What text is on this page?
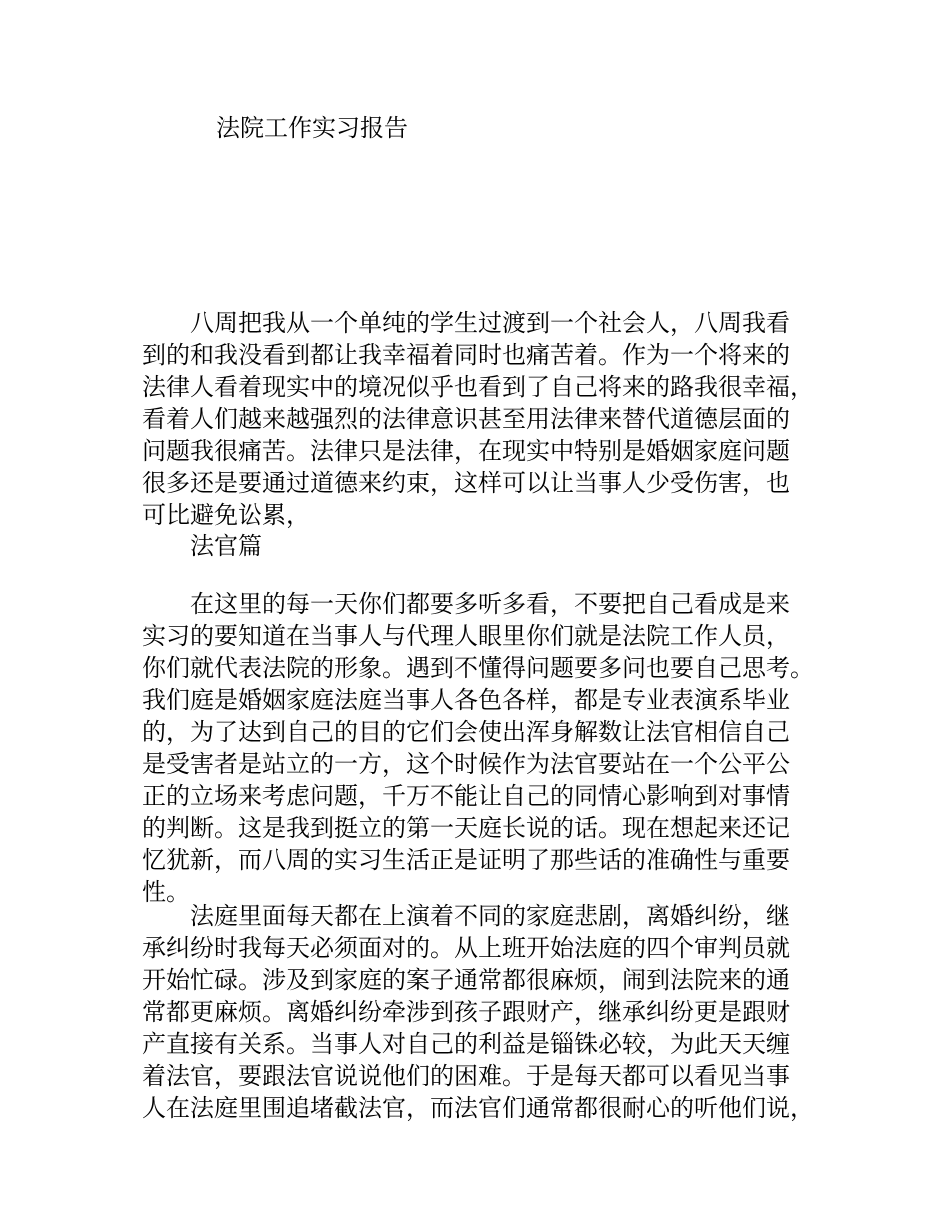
法院工作实习报告
八周把我从一个单纯的学生过渡到一个社会人，八周我看
到的和我没看到都让我幸福着同时也痛苦着。作为一个将来的
法律人看着现实中的境况似乎也看到了自己将来的路我很幸福，
看着人们越来越强烈的法律意识甚至用法律来替代道德层面的
问题我很痛苦。法律只是法律，在现实中特别是婚姻家庭问题
很多还是要通过道德来约束，这样可以让当事人少受伤害，也
可比避免讼累，
法官篇
在这里的每一天你们都要多听多看，不要把自己看成是来
实习的要知道在当事人与代理人眼里你们就是法院工作人员，
你们就代表法院的形象。遇到不懂得问题要多问也要自己思考。
我们庭是婚姻家庭法庭当事人各色各样，都是专业表演系毕业
的，为了达到自己的目的它们会使出浑身解数让法官相信自己
是受害者是站立的一方，这个时候作为法官要站在一个公平公
正的立场来考虑问题，千万不能让自己的同情心影响到对事情
的判断。这是我到挺立的第一天庭长说的话。现在想起来还记
忆犹新，而八周的实习生活正是证明了那些话的准确性与重要
性。
法庭里面每天都在上演着不同的家庭悲剧，离婚纠纷，继
承纠纷时我每天必须面对的。从上班开始法庭的四个审判员就
开始忙碌。涉及到家庭的案子通常都很麻烦，闹到法院来的通
常都更麻烦。离婚纠纷牵涉到孩子跟财产，继承纠纷更是跟财
产直接有关系。当事人对自己的利益是锱铢必较，为此天天缠
着法官，要跟法官说说他们的困难。于是每天都可以看见当事
人在法庭里围追堵截法官，而法官们通常都很耐心的听他们说，
